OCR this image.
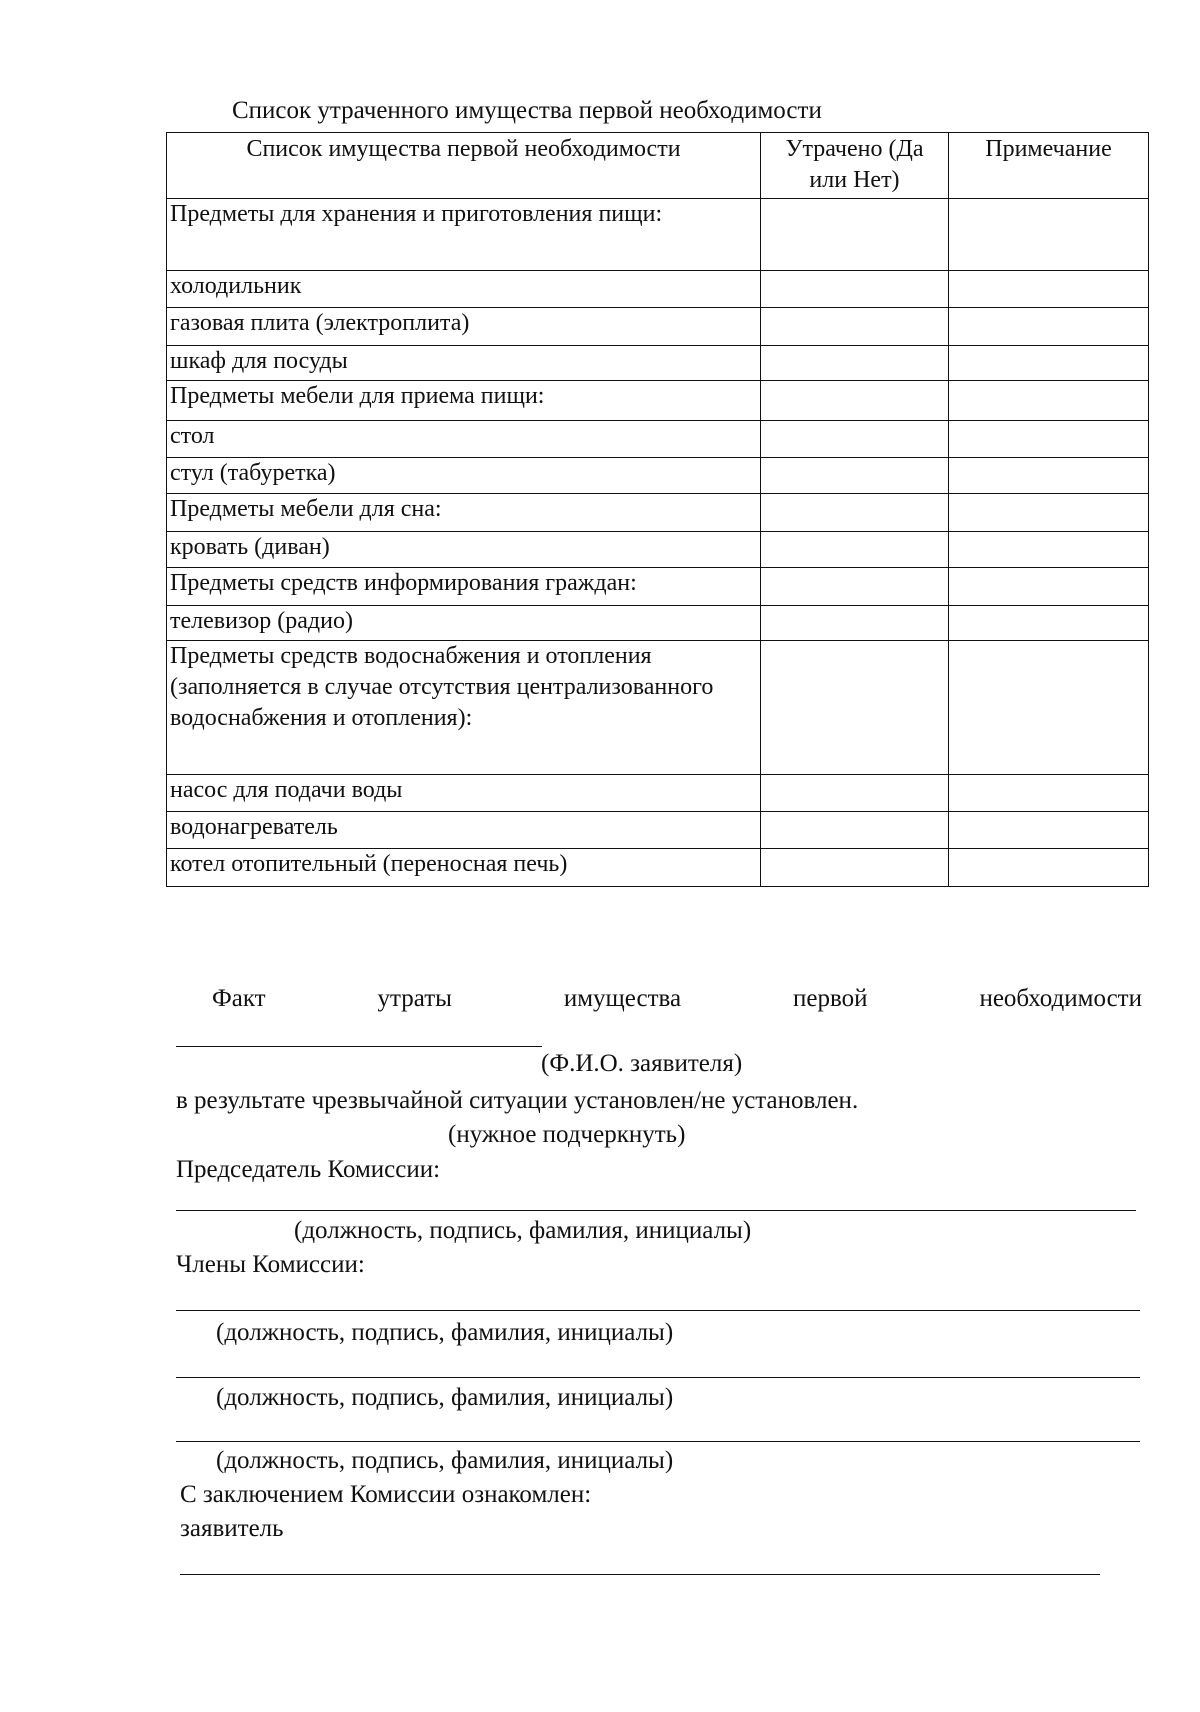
Список утраченного имущества первой необходимости
Список имущества первой необходимости	Утрачено (Да или Нет)	Примечание
Предметы для хранения и приготовления пищи:		
холодильник		
газовая плита (электроплита)		
шкаф для посуды		
Предметы мебели для приема пищи:		
стол		
стул (табуретка)		
Предметы мебели для сна:		
кровать (диван)		
Предметы средств информирования граждан:		
телевизор (радио)		
Предметы средств водоснабжения и отопления (заполняется в случае отсутствия централизованного водоснабжения и отопления):		
насос для подачи воды		
водонагреватель		
котел отопительный (переносная печь)		
Факт	утраты	имущества	первой	необходимости
(Ф.И.О. заявителя)
в результате чрезвычайной ситуации установлен/не установлен.
(нужное подчеркнуть)
Председатель Комиссии:
(должность, подпись, фамилия, инициалы)
Члены Комиссии:
(должность, подпись, фамилия, инициалы)
(должность, подпись, фамилия, инициалы)
(должность, подпись, фамилия, инициалы)
С заключением Комиссии ознакомлен:
заявитель
